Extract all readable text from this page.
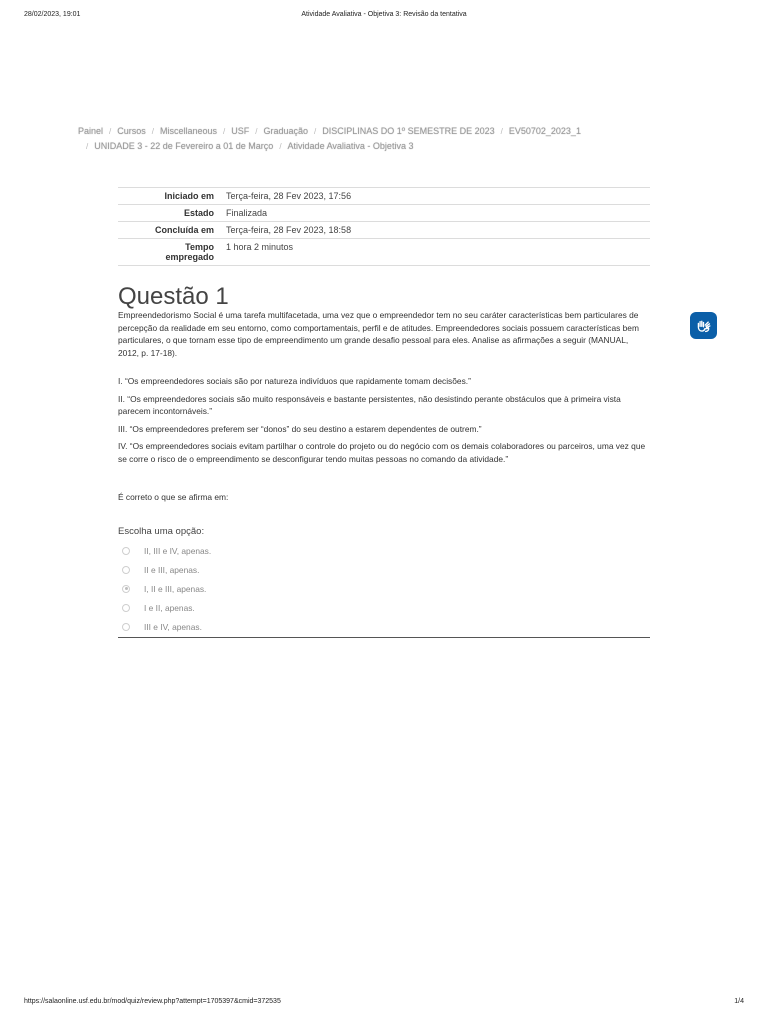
28/02/2023, 19:01	Atividade Avaliativa - Objetiva 3: Revisão da tentativa
Painel / Cursos / Miscellaneous / USF / Graduação / DISCIPLINAS DO 1º SEMESTRE DE 2023 / EV50702_2023_1
/ UNIDADE 3 - 22 de Fevereiro a 01 de Março / Atividade Avaliativa - Objetiva 3
Iniciado em	Terça-feira, 28 Fev 2023, 17:56
Estado	Finalizada
Concluída em	Terça-feira, 28 Fev 2023, 18:58

Tempo
empregado	1 hora 2 minutos
Questão 1

Empreendedorismo Social é uma tarefa multifacetada, uma vez que o empreendedor tem no seu caráter características bem particulares de percepção da realidade em seu entorno, como comportamentais, perfil e de atitudes. Empreendedores sociais possuem características bem particulares, o que tornam esse tipo de empreendimento um grande desafio pessoal para eles. Analise as afirmações a seguir (MANUAL, 2012, p. 17-18).

I. “Os empreendedores sociais são por natureza indivíduos que rapidamente tomam decisões.”

II. “Os empreendedores sociais são muito responsáveis e bastante persistentes, não desistindo perante obstáculos que à primeira vista parecem incontornáveis.”

III. “Os empreendedores preferem ser “donos” do seu destino a estarem dependentes de outrem.”

IV. “Os empreendedores sociais evitam partilhar o controle do projeto ou do negócio com os demais colaboradores ou parceiros, uma vez que se corre o risco de o empreendimento se desconfigurar tendo muitas pessoas no comando da atividade.”

É correto o que se afirma em:

Escolha uma opção:
II, III e IV, apenas.
II e III, apenas.
I, II e III, apenas.
I e II, apenas.
III e IV, apenas.
https://salaonline.usf.edu.br/mod/quiz/review.php?attempt=1705397&cmid=372535	1/4
